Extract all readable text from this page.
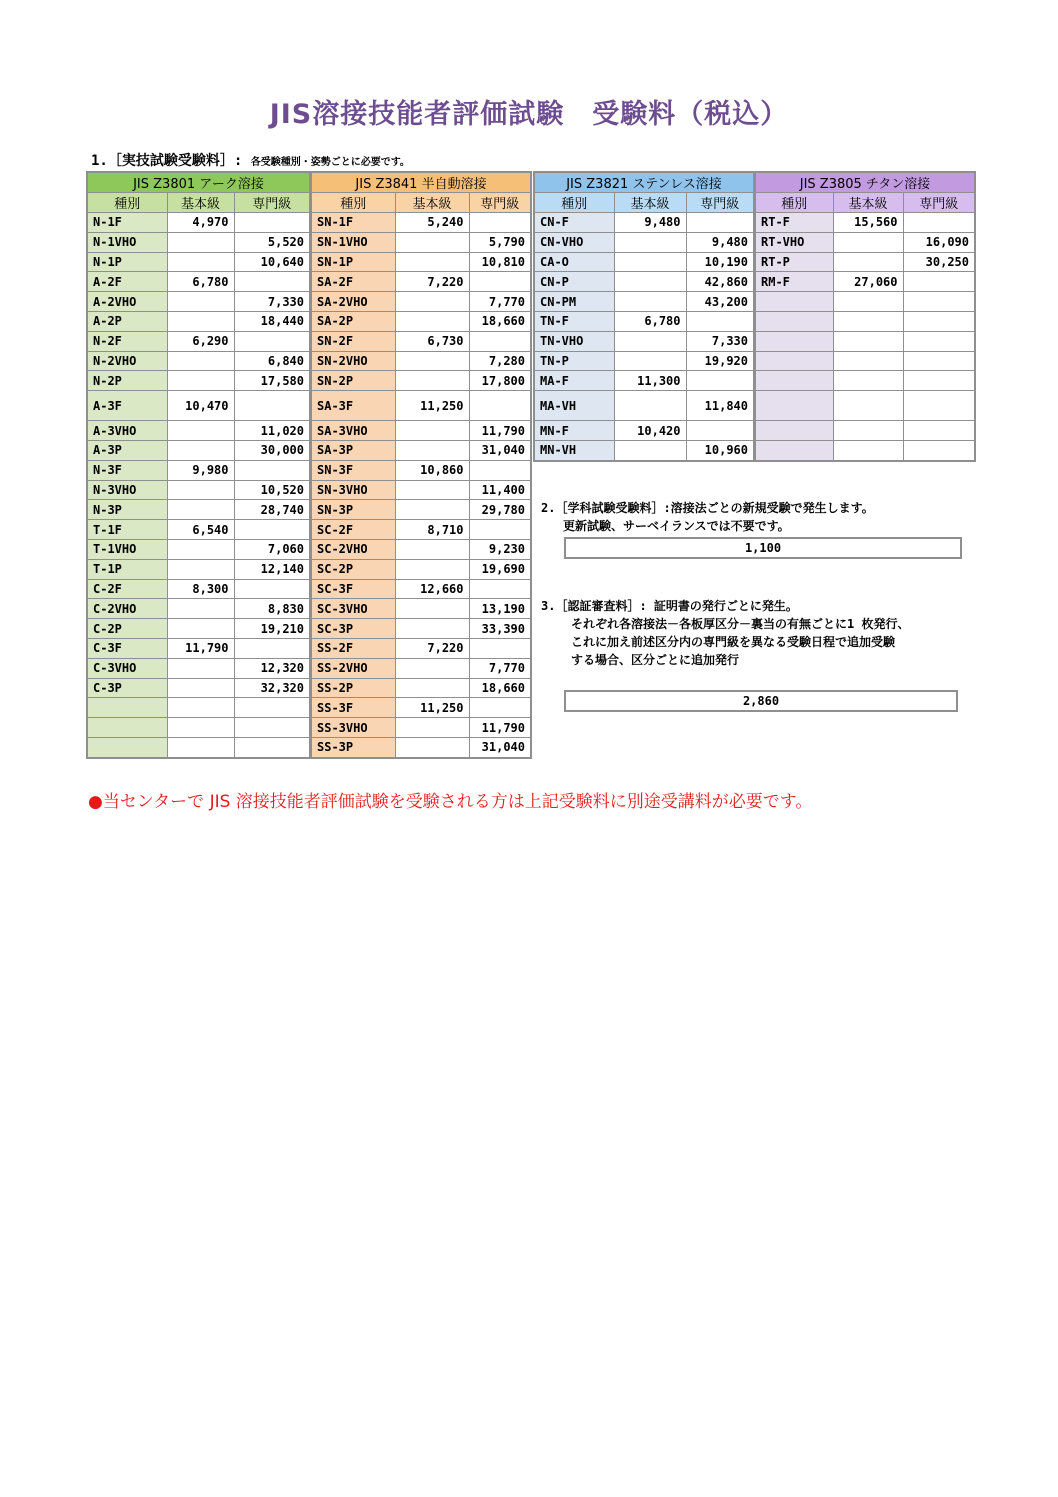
JIS溶接技能者評価試験　受験料（税込）
1.［実技試験受験料］: 各受験種別・姿勢ごとに必要です。
JIS Z3801 アーク溶接		
種別	基本級	専門級
N-1F	4,970	
N-1VHO		5,520
N-1P		10,640
A-2F	6,780	
A-2VHO		7,330
A-2P		18,440
N-2F	6,290	
N-2VHO		6,840
N-2P		17,580
A-3F	10,470	
A-3VHO		11,020
A-3P		30,000
N-3F	9,980	
N-3VHO		10,520
N-3P		28,740
T-1F	6,540	
T-1VHO		7,060
T-1P		12,140
C-2F	8,300	
C-2VHO		8,830
C-2P		19,210
C-3F	11,790	
C-3VHO		12,320
C-3P		32,320

JIS Z3841 半自動溶接		
種別	基本級	専門級
SN-1F	5,240	
SN-1VHO		5,790
SN-1P		10,810
SA-2F	7,220	
SA-2VHO		7,770
SA-2P		18,660
SN-2F	6,730	
SN-2VHO		7,280
SN-2P		17,800
SA-3F	11,250	
SA-3VHO		11,790
SA-3P		31,040
SN-3F	10,860	
SN-3VHO		11,400
SN-3P		29,780
SC-2F	8,710	
SC-2VHO		9,230
SC-2P		19,690
SC-3F	12,660	
SC-3VHO		13,190
SC-3P		33,390
SS-2F	7,220	
SS-2VHO		7,770
SS-2P		18,660
SS-3F	11,250	
SS-3VHO		11,790
SS-3P		31,040
JIS Z3821 ステンレス溶接		
種別	基本級	専門級
CN-F	9,480	
CN-VHO		9,480
CA-O		10,190
CN-P		42,860
CN-PM		43,200
TN-F	6,780	
TN-VHO		7,330
TN-P		19,920
MA-F	11,300	
MA-VH		11,840
MN-F	10,420	
MN-VH		10,960
JIS Z3805 チタン溶接		
種別	基本級	専門級
RT-F	15,560	
RT-VHO		16,090
RT-P		30,250
RM-F	27,060	

2.［学科試験受験料］:溶接法ごとの新規受験で発生します。
更新試験、サーベイランスでは不要です。
1,100
3.［認証審査料］: 証明書の発行ごとに発生。
それぞれ各溶接法－各板厚区分－裏当の有無ごとに1 枚発行、
これに加え前述区分内の専門級を異なる受験日程で追加受験
する場合、区分ごとに追加発行
2,860
●当センターで JIS 溶接技能者評価試験を受験される方は上記受験料に別途受講料が必要です。
